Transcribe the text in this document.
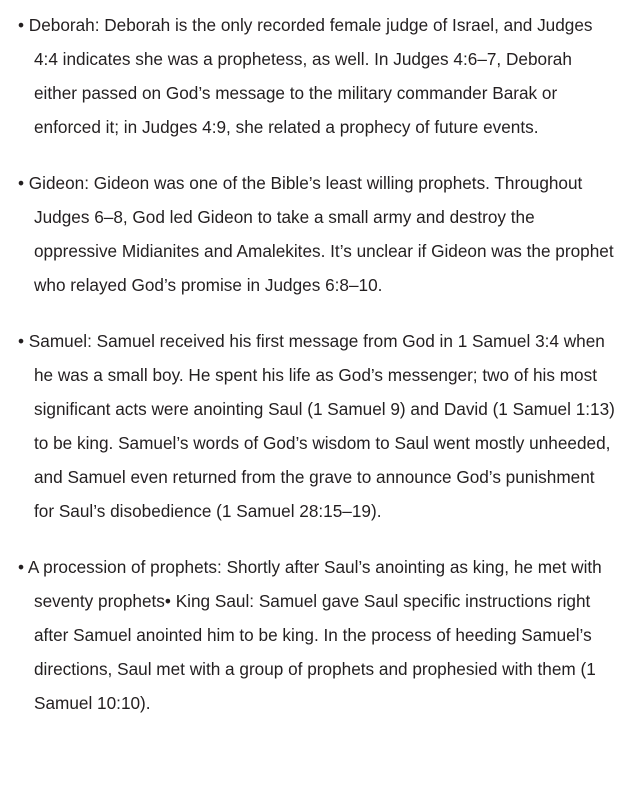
• Deborah: Deborah is the only recorded female judge of Israel, and Judges 4:4 indicates she was a prophetess, as well. In Judges 4:6–7, Deborah either passed on God’s message to the military commander Barak or enforced it; in Judges 4:9, she related a prophecy of future events.

• Gideon: Gideon was one of the Bible’s least willing prophets. Throughout Judges 6–8, God led Gideon to take a small army and destroy the oppressive Midianites and Amalekites. It’s unclear if Gideon was the prophet who relayed God’s promise in Judges 6:8–10.

• Samuel: Samuel received his first message from God in 1 Samuel 3:4 when he was a small boy. He spent his life as God’s messenger; two of his most significant acts were anointing Saul (1 Samuel 9) and David (1 Samuel 1:13) to be king. Samuel’s words of God’s wisdom to Saul went mostly unheeded, and Samuel even returned from the grave to announce God’s punishment for Saul’s disobedience (1 Samuel 28:15–19).

• A procession of prophets: Shortly after Saul’s anointing as king, he met with seventy prophets• King Saul: Samuel gave Saul specific instructions right after Samuel anointed him to be king. In the process of heeding Samuel’s directions, Saul met with a group of prophets and prophesied with them (1 Samuel 10:10).
